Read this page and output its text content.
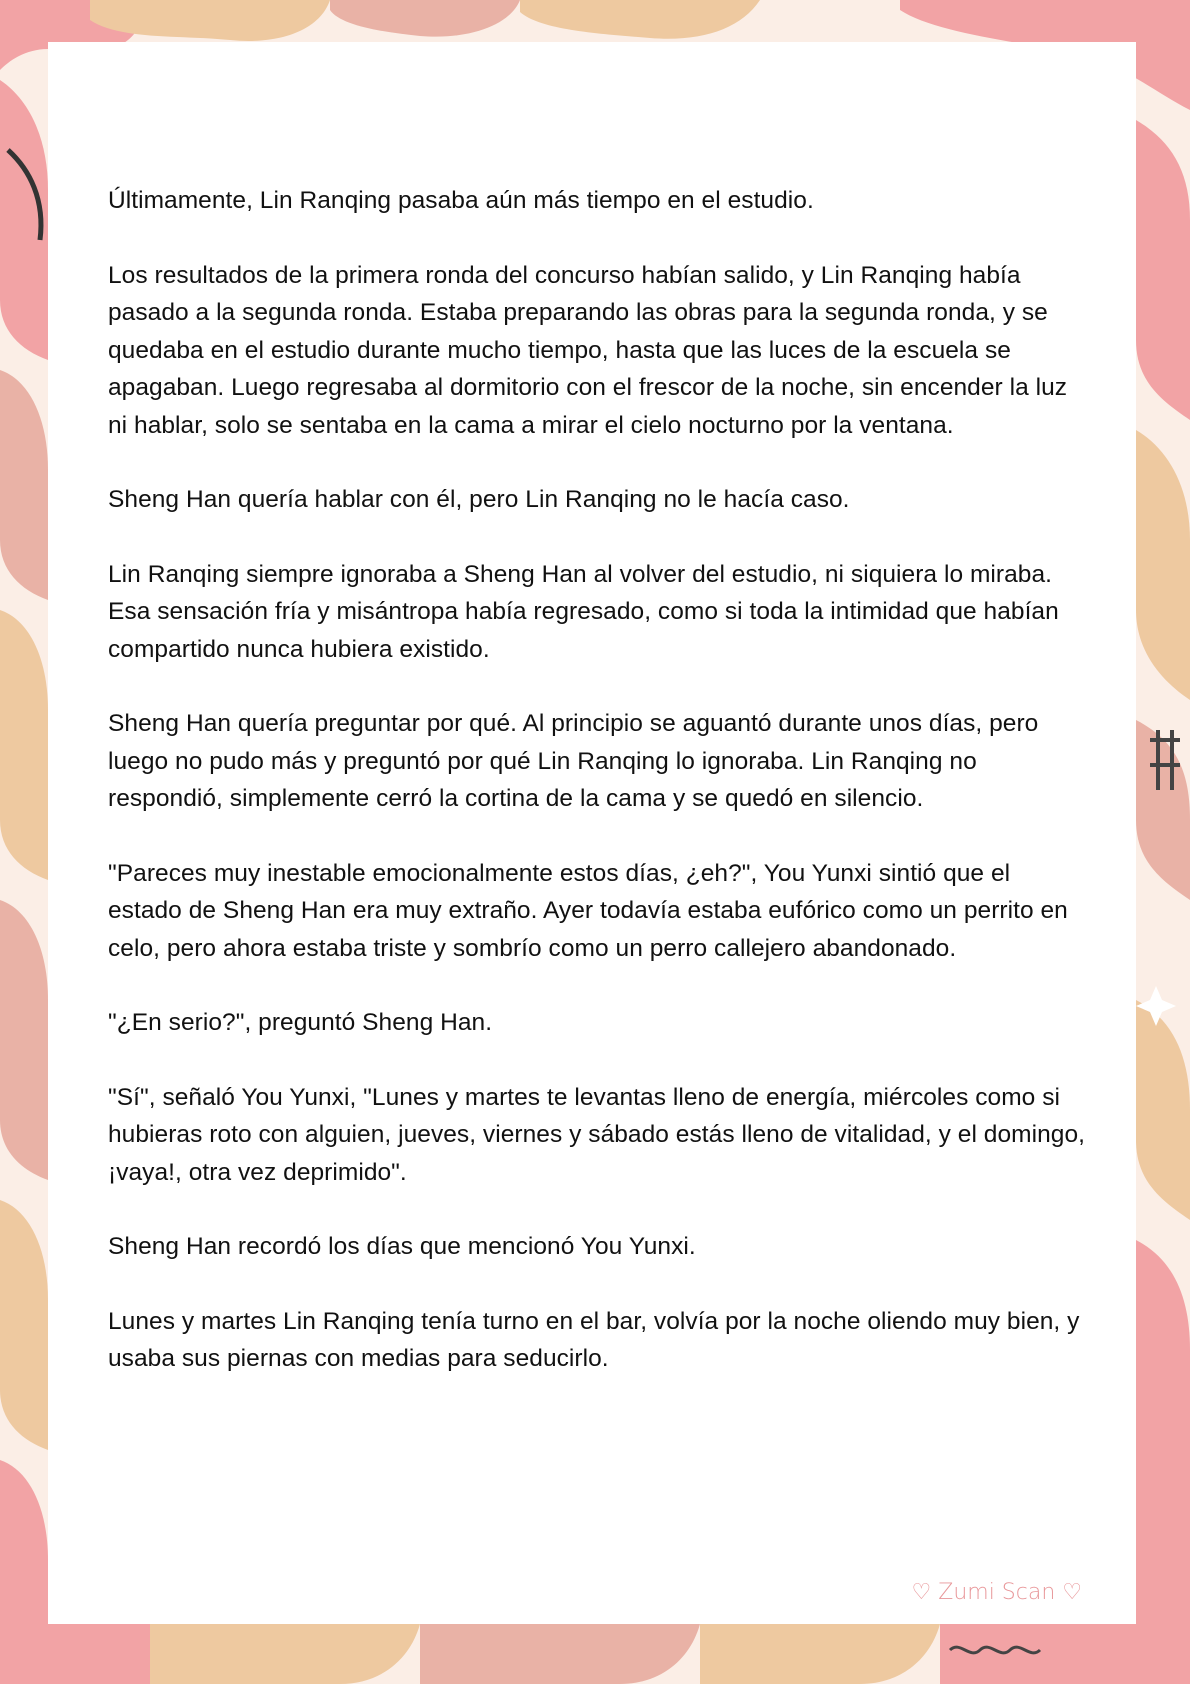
Últimamente, Lin Ranqing pasaba aún más tiempo en el estudio.

Los resultados de la primera ronda del concurso habían salido, y Lin Ranqing había pasado a la segunda ronda. Estaba preparando las obras para la segunda ronda, y se quedaba en el estudio durante mucho tiempo, hasta que las luces de la escuela se apagaban. Luego regresaba al dormitorio con el frescor de la noche, sin encender la luz ni hablar, solo se sentaba en la cama a mirar el cielo nocturno por la ventana.

Sheng Han quería hablar con él, pero Lin Ranqing no le hacía caso.

Lin Ranqing siempre ignoraba a Sheng Han al volver del estudio, ni siquiera lo miraba. Esa sensación fría y misántropa había regresado, como si toda la intimidad que habían compartido nunca hubiera existido.

Sheng Han quería preguntar por qué. Al principio se aguantó durante unos días, pero luego no pudo más y preguntó por qué Lin Ranqing lo ignoraba. Lin Ranqing no respondió, simplemente cerró la cortina de la cama y se quedó en silencio.

"Pareces muy inestable emocionalmente estos días, ¿eh?", You Yunxi sintió que el estado de Sheng Han era muy extraño. Ayer todavía estaba eufórico como un perrito en celo, pero ahora estaba triste y sombrío como un perro callejero abandonado.

"¿En serio?", preguntó Sheng Han.

"Sí", señaló You Yunxi, "Lunes y martes te levantas lleno de energía, miércoles como si hubieras roto con alguien, jueves, viernes y sábado estás lleno de vitalidad, y el domingo, ¡vaya!, otra vez deprimido".

Sheng Han recordó los días que mencionó You Yunxi.

Lunes y martes Lin Ranqing tenía turno en el bar, volvía por la noche oliendo muy bien, y usaba sus piernas con medias para seducirlo.

♡ Zumi Scan ♡
